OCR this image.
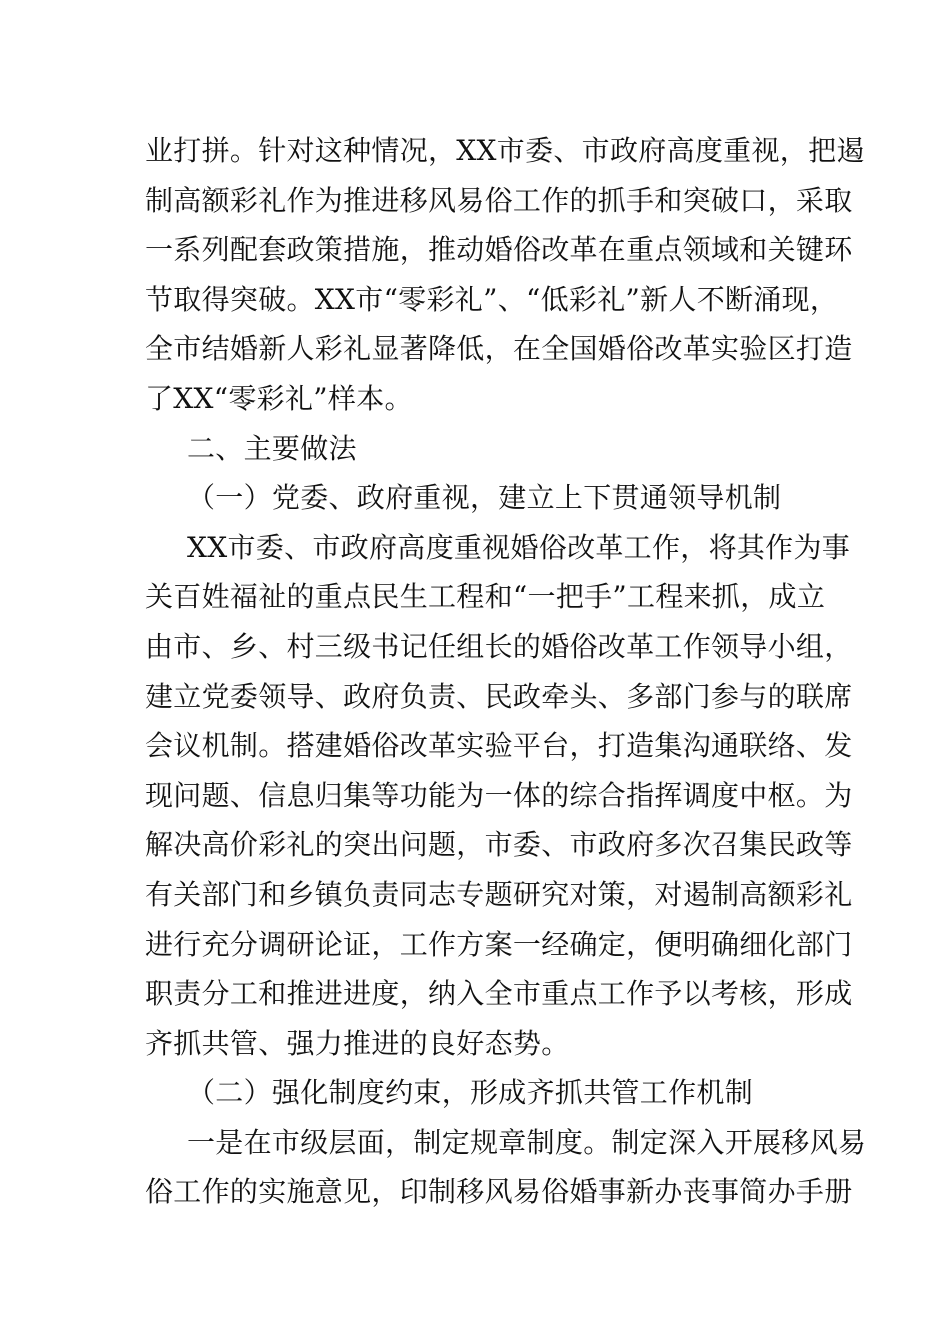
业打拼。针对这种情况，XX市委、市政府高度重视，把遏
制高额彩礼作为推进移风易俗工作的抓手和突破口，采取
一系列配套政策措施，推动婚俗改革在重点领域和关键环
节取得突破。XX市“零彩礼”、“低彩礼”新人不断涌现，
全市结婚新人彩礼显著降低，在全国婚俗改革实验区打造
了XX“零彩礼”样本。
二、主要做法
（一）党委、政府重视，建立上下贯通领导机制
XX市委、市政府高度重视婚俗改革工作，将其作为事
关百姓福祉的重点民生工程和“一把手”工程来抓，成立
由市、乡、村三级书记任组长的婚俗改革工作领导小组，
建立党委领导、政府负责、民政牵头、多部门参与的联席
会议机制。搭建婚俗改革实验平台，打造集沟通联络、发
现问题、信息归集等功能为一体的综合指挥调度中枢。为
解决高价彩礼的突出问题，市委、市政府多次召集民政等
有关部门和乡镇负责同志专题研究对策，对遏制高额彩礼
进行充分调研论证，工作方案一经确定，便明确细化部门
职责分工和推进进度，纳入全市重点工作予以考核，形成
齐抓共管、强力推进的良好态势。
（二）强化制度约束，形成齐抓共管工作机制
一是在市级层面，制定规章制度。制定深入开展移风易
俗工作的实施意见，印制移风易俗婚事新办丧事简办手册
